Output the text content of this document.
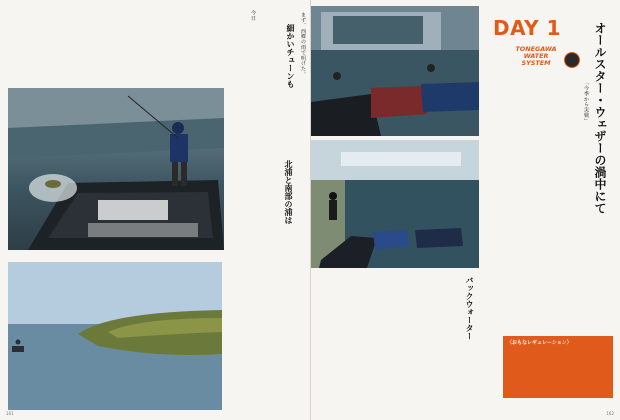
細かいチューンも まず、西郷の雨で明けた。
今日
北浦と南部の浦は
161
DAY 1
TONEGAWA
WATER
SYSTEM	オールスター・ウェザーの渦中にて
「今季から実戦」
バックウォーター
〈おもなレギュレーション〉
162
